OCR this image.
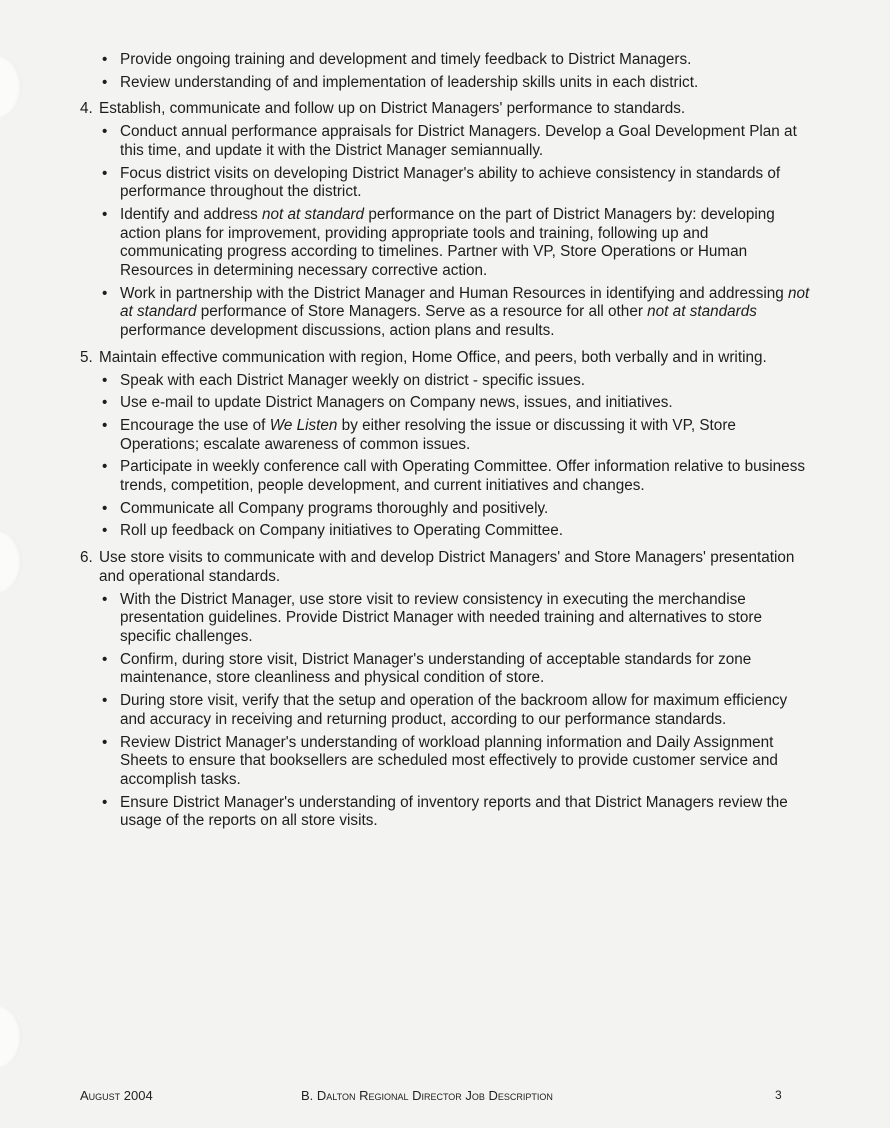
• Provide ongoing training and development and timely feedback to District Managers.
• Review understanding of and implementation of leadership skills units in each district.
4. Establish, communicate and follow up on District Managers' performance to standards.
• Conduct annual performance appraisals for District Managers. Develop a Goal Development Plan at this time, and update it with the District Manager semiannually.
• Focus district visits on developing District Manager's ability to achieve consistency in standards of performance throughout the district.
• Identify and address not at standard performance on the part of District Managers by: developing action plans for improvement, providing appropriate tools and training, following up and communicating progress according to timelines. Partner with VP, Store Operations or Human Resources in determining necessary corrective action.
• Work in partnership with the District Manager and Human Resources in identifying and addressing not at standard performance of Store Managers. Serve as a resource for all other not at standards performance development discussions, action plans and results.
5. Maintain effective communication with region, Home Office, and peers, both verbally and in writing.
• Speak with each District Manager weekly on district - specific issues.
• Use e-mail to update District Managers on Company news, issues, and initiatives.
• Encourage the use of We Listen by either resolving the issue or discussing it with VP, Store Operations; escalate awareness of common issues.
• Participate in weekly conference call with Operating Committee. Offer information relative to business trends, competition, people development, and current initiatives and changes.
• Communicate all Company programs thoroughly and positively.
• Roll up feedback on Company initiatives to Operating Committee.
6. Use store visits to communicate with and develop District Managers' and Store Managers' presentation and operational standards.
• With the District Manager, use store visit to review consistency in executing the merchandise presentation guidelines. Provide District Manager with needed training and alternatives to store specific challenges.
• Confirm, during store visit, District Manager's understanding of acceptable standards for zone maintenance, store cleanliness and physical condition of store.
• During store visit, verify that the setup and operation of the backroom allow for maximum efficiency and accuracy in receiving and returning product, according to our performance standards.
• Review District Manager's understanding of workload planning information and Daily Assignment Sheets to ensure that booksellers are scheduled most effectively to provide customer service and accomplish tasks.
• Ensure District Manager's understanding of inventory reports and that District Managers review the usage of the reports on all store visits.
August 2004	B. Dalton Regional Director Job Description	3
